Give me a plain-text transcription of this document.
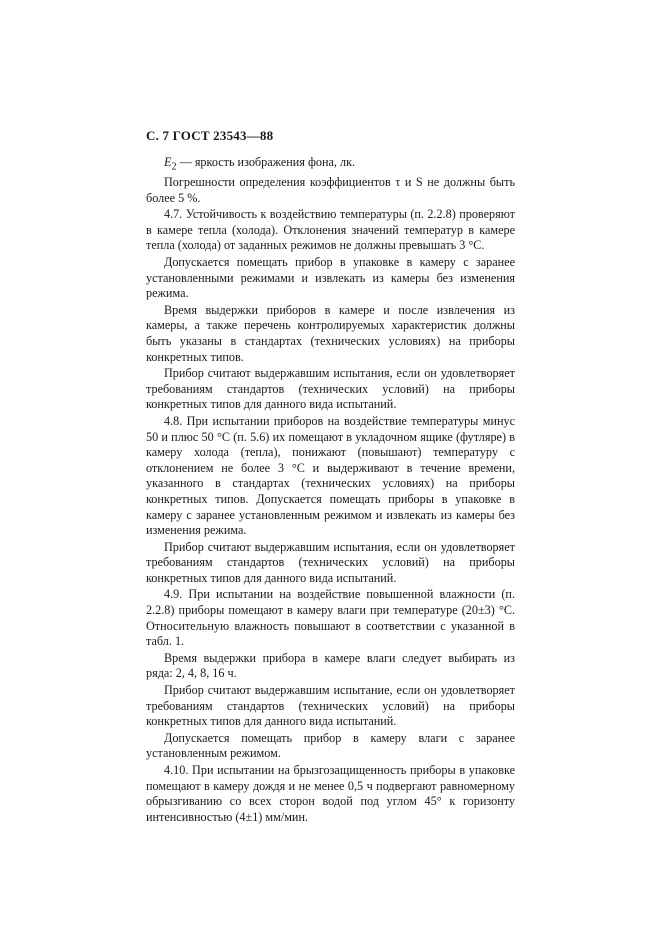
С. 7 ГОСТ 23543—88

$E_2$ — яркость изображения фона, лк.

Погрешности определения коэффициентов τ и S не должны быть более 5 %.

4.7. Устойчивость к воздействию температуры (п. 2.2.8) проверяют в камере тепла (холода). Отклонения значений температур в камере тепла (холода) от заданных режимов не должны превышать 3 °С.

Допускается помещать прибор в упаковке в камеру с заранее установленными режимами и извлекать из камеры без изменения режима.

Время выдержки приборов в камере и после извлечения из камеры, а также перечень контролируемых характеристик должны быть указаны в стандартах (технических условиях) на приборы конкретных типов.

Прибор считают выдержавшим испытания, если он удовлетворяет требованиям стандартов (технических условий) на приборы конкретных типов для данного вида испытаний.

4.8. При испытании приборов на воздействие температуры минус 50 и плюс 50 °С (п. 5.6) их помещают в укладочном ящике (футляре) в камеру холода (тепла), понижают (повышают) температуру с отклонением не более 3 °С и выдерживают в течение времени, указанного в стандартах (технических условиях) на приборы конкретных типов. Допускается помещать приборы в упаковке в камеру с заранее установленным режимом и извлекать из камеры без изменения режима.

Прибор считают выдержавшим испытания, если он удовлетворяет требованиям стандартов (технических условий) на приборы конкретных типов для данного вида испытаний.

4.9. При испытании на воздействие повышенной влажности (п. 2.2.8) приборы помещают в камеру влаги при температуре (20±3) °С. Относительную влажность повышают в соответствии с указанной в табл. 1.

Время выдержки прибора в камере влаги следует выбирать из ряда: 2, 4, 8, 16 ч.

Прибор считают выдержавшим испытание, если он удовлетворяет требованиям стандартов (технических условий) на приборы конкретных типов для данного вида испытаний.

Допускается помещать прибор в камеру влаги с заранее установленным режимом.

4.10. При испытании на брызгозащищенность приборы в упаковке помещают в камеру дождя и не менее 0,5 ч подвергают равномерному обрызгиванию со всех сторон водой под углом 45° к горизонту интенсивностью (4±1) мм/мин.
